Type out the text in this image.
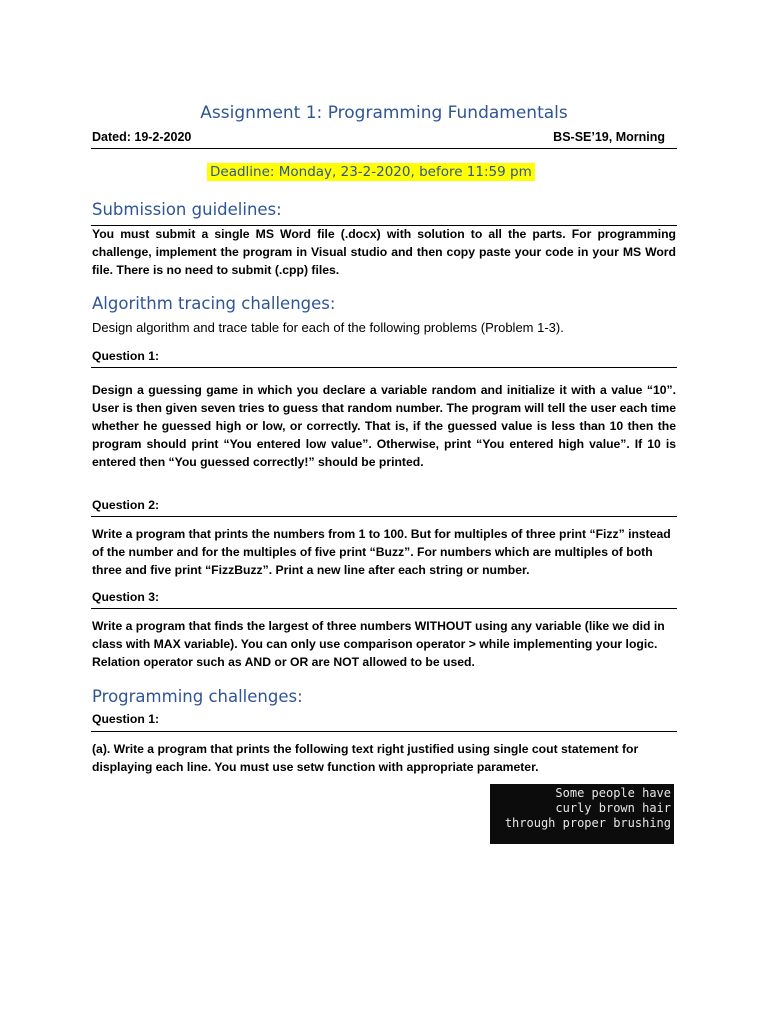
Assignment 1: Programming Fundamentals
Dated: 19-2-2020	BS-SE’19, Morning
Deadline: Monday, 23-2-2020, before 11:59 pm
Submission guidelines:
You must submit a single MS Word file (.docx) with solution to all the parts. For programming challenge, implement the program in Visual studio and then copy paste your code in your MS Word file. There is no need to submit (.cpp) files.
Algorithm tracing challenges:
Design algorithm and trace table for each of the following problems (Problem 1-3).
Question 1:
Design a guessing game in which you declare a variable random and initialize it with a value “10”. User is then given seven tries to guess that random number. The program will tell the user each time whether he guessed high or low, or correctly. That is, if the guessed value is less than 10 then the program should print “You entered low value”. Otherwise, print “You entered high value”. If 10 is entered then “You guessed correctly!” should be printed.
Question 2:
Write a program that prints the numbers from 1 to 100. But for multiples of three print “Fizz” instead of the number and for the multiples of five print “Buzz”. For numbers which are multiples of both three and five print “FizzBuzz”. Print a new line after each string or number.
Question 3:
Write a program that finds the largest of three numbers WITHOUT using any variable (like we did in class with MAX variable). You can only use comparison operator > while implementing your logic. Relation operator such as AND or OR are NOT allowed to be used.
Programming challenges:
Question 1:
(a). Write a program that prints the following text right justified using single cout statement for displaying each line. You must use setw function with appropriate parameter.
Some people have
curly brown hair
through proper brushing
